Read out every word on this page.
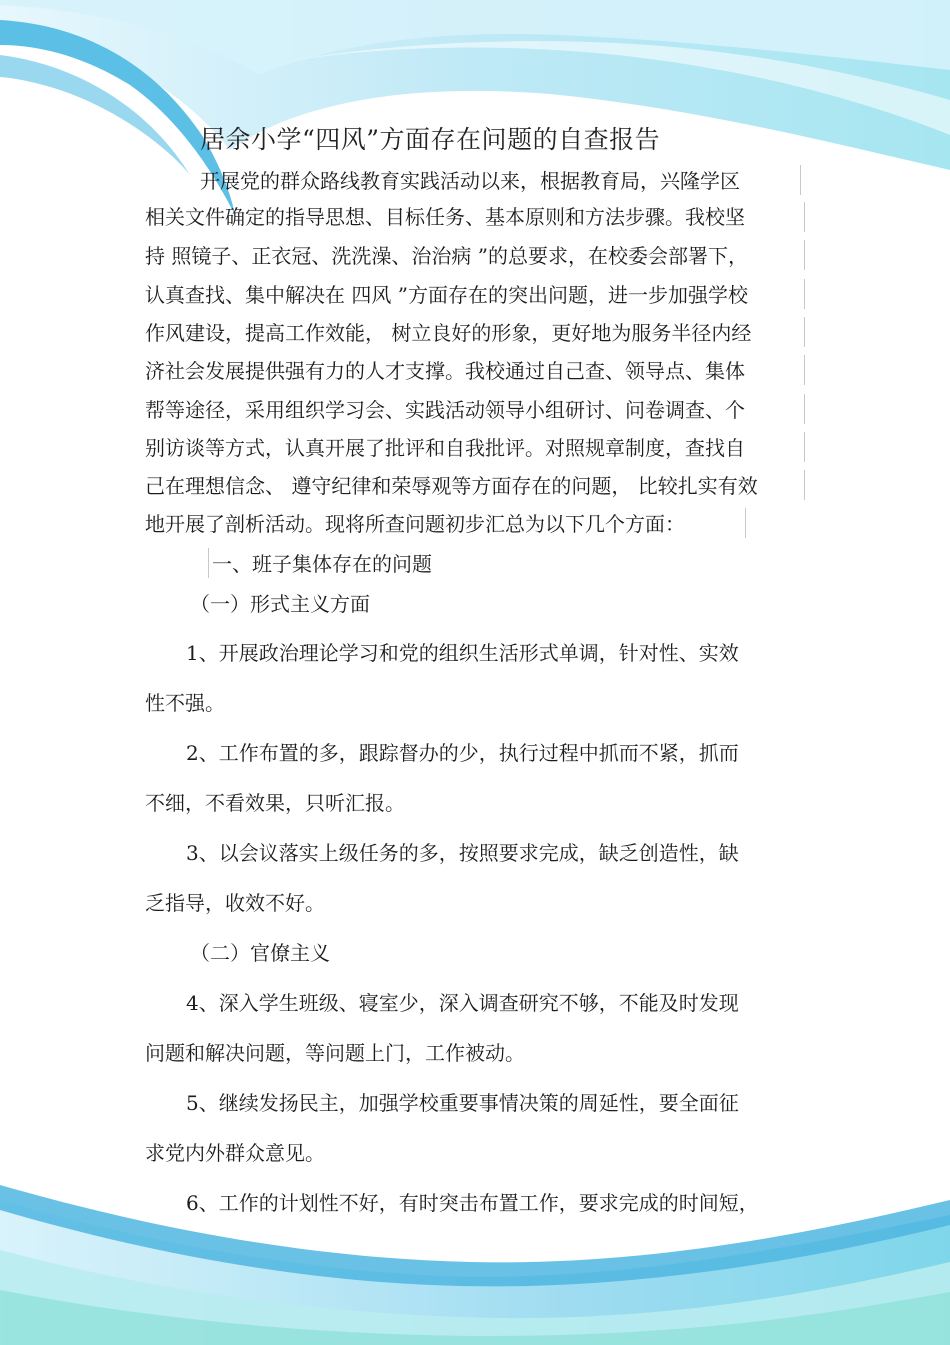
居余小学“四风”方面存在问题的自查报告
开展党的群众路线教育实践活动以来，根据教育局，兴隆学区
相关文件确定的指导思想、目标任务、基本原则和方法步骤。我校坚
持 照镜子、正衣冠、洗洗澡、治治病 ”的总要求，在校委会部署下，
认真查找、集中解决在 四风 ”方面存在的突出问题，进一步加强学校
作风建设，提高工作效能， 树立良好的形象，更好地为服务半径内经
济社会发展提供强有力的人才支撑。我校通过自己查、领导点、集体
帮等途径，采用组织学习会、实践活动领导小组研讨、问卷调查、个
别访谈等方式，认真开展了批评和自我批评。对照规章制度，查找自
己在理想信念、 遵守纪律和荣辱观等方面存在的问题， 比较扎实有效
地开展了剖析活动。现将所查问题初步汇总为以下几个方面：
一、班子集体存在的问题
（一）形式主义方面
1、开展政治理论学习和党的组织生活形式单调，针对性、实效
性不强。
2、工作布置的多，跟踪督办的少，执行过程中抓而不紧，抓而
不细，不看效果，只听汇报。
3、以会议落实上级任务的多，按照要求完成，缺乏创造性，缺
乏指导，收效不好。
（二）官僚主义
4、深入学生班级、寝室少，深入调查研究不够，不能及时发现
问题和解决问题，等问题上门，工作被动。
5、继续发扬民主，加强学校重要事情决策的周延性，要全面征
求党内外群众意见。
6、工作的计划性不好，有时突击布置工作，要求完成的时间短，
